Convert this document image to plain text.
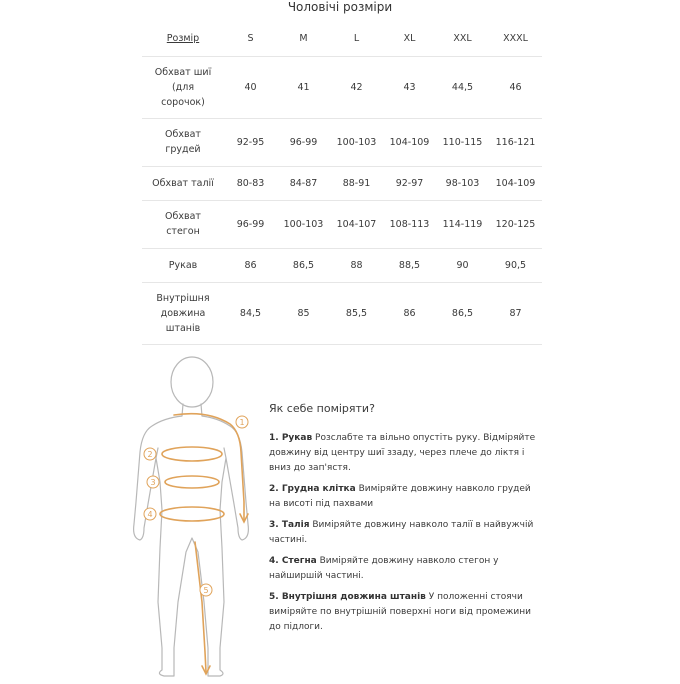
Чоловічі розміри
Розмір	S	M	L	XL	XXL	XXXL
Обхват шиї (для сорочок)	40	41	42	43	44,5	46
Обхват грудей	92-95	96-99	100-103	104-109	110-115	116-121
Обхват талії	80-83	84-87	88-91	92-97	98-103	104-109
Обхват стегон	96-99	100-103	104-107	108-113	114-119	120-125
Рукав	86	86,5	88	88,5	90	90,5
Внутрішня довжина штанів	84,5	85	85,5	86	86,5	87
1
2
3
4
5
Як себе поміряти?
1. Рукав Розслабте та вільно опустіть руку. Відміряйте довжину від центру шиї ззаду, через плече до ліктя і вниз до зап'ястя.
2. Грудна клітка Виміряйте довжину навколо грудей на висоті під пахвами
3. Талія Виміряйте довжину навколо талії в найвужчій частині.
4. Стегна Виміряйте довжину навколо стегон у найширшій частині.
5. Внутрішня довжина штанів У положенні стоячи виміряйте по внутрішній поверхні ноги від промежини до підлоги.
